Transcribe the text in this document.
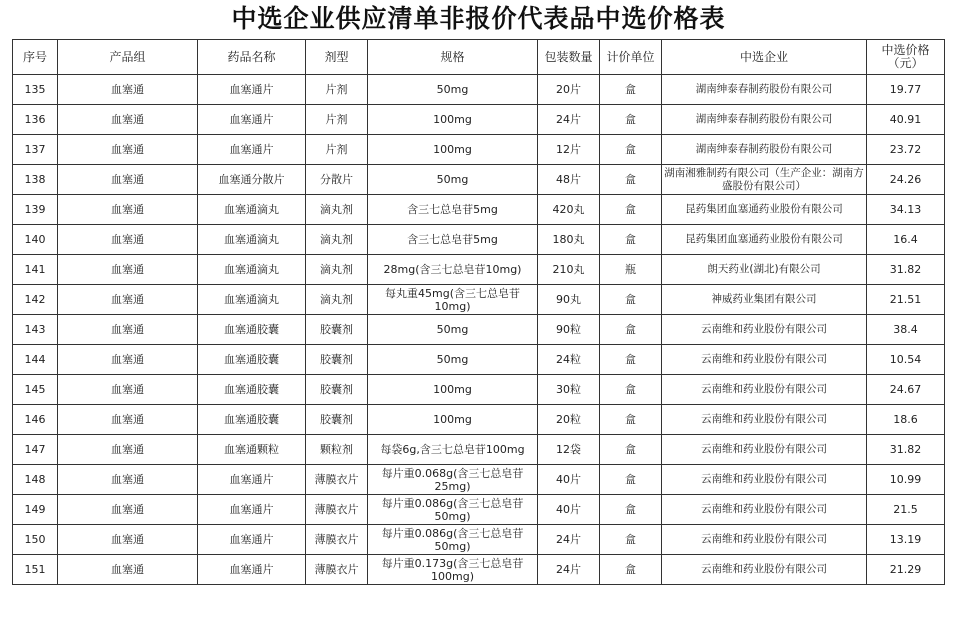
中选企业供应清单非报价代表品中选价格表
序号	产品组	药品名称	剂型	规格	包装数量	计价单位	中选企业	中选价格（元）
135	血塞通	血塞通片	片剂	50mg	20片	盒	湖南绅泰春制药股份有限公司	19.77
136	血塞通	血塞通片	片剂	100mg	24片	盒	湖南绅泰春制药股份有限公司	40.91
137	血塞通	血塞通片	片剂	100mg	12片	盒	湖南绅泰春制药股份有限公司	23.72
138	血塞通	血塞通分散片	分散片	50mg	48片	盒	湖南湘雅制药有限公司（生产企业：湖南方盛股份有限公司）	24.26
139	血塞通	血塞通滴丸	滴丸剂	含三七总皂苷5mg	420丸	盒	昆药集团血塞通药业股份有限公司	34.13
140	血塞通	血塞通滴丸	滴丸剂	含三七总皂苷5mg	180丸	盒	昆药集团血塞通药业股份有限公司	16.4
141	血塞通	血塞通滴丸	滴丸剂	28mg(含三七总皂苷10mg)	210丸	瓶	朗天药业(湖北)有限公司	31.82
142	血塞通	血塞通滴丸	滴丸剂	每丸重45mg(含三七总皂苷10mg)	90丸	盒	神威药业集团有限公司	21.51
143	血塞通	血塞通胶囊	胶囊剂	50mg	90粒	盒	云南维和药业股份有限公司	38.4
144	血塞通	血塞通胶囊	胶囊剂	50mg	24粒	盒	云南维和药业股份有限公司	10.54
145	血塞通	血塞通胶囊	胶囊剂	100mg	30粒	盒	云南维和药业股份有限公司	24.67
146	血塞通	血塞通胶囊	胶囊剂	100mg	20粒	盒	云南维和药业股份有限公司	18.6
147	血塞通	血塞通颗粒	颗粒剂	每袋6g,含三七总皂苷100mg	12袋	盒	云南维和药业股份有限公司	31.82
148	血塞通	血塞通片	薄膜衣片	每片重0.068g(含三七总皂苷25mg)	40片	盒	云南维和药业股份有限公司	10.99
149	血塞通	血塞通片	薄膜衣片	每片重0.086g(含三七总皂苷50mg)	40片	盒	云南维和药业股份有限公司	21.5
150	血塞通	血塞通片	薄膜衣片	每片重0.086g(含三七总皂苷50mg)	24片	盒	云南维和药业股份有限公司	13.19
151	血塞通	血塞通片	薄膜衣片	每片重0.173g(含三七总皂苷100mg)	24片	盒	云南维和药业股份有限公司	21.29
